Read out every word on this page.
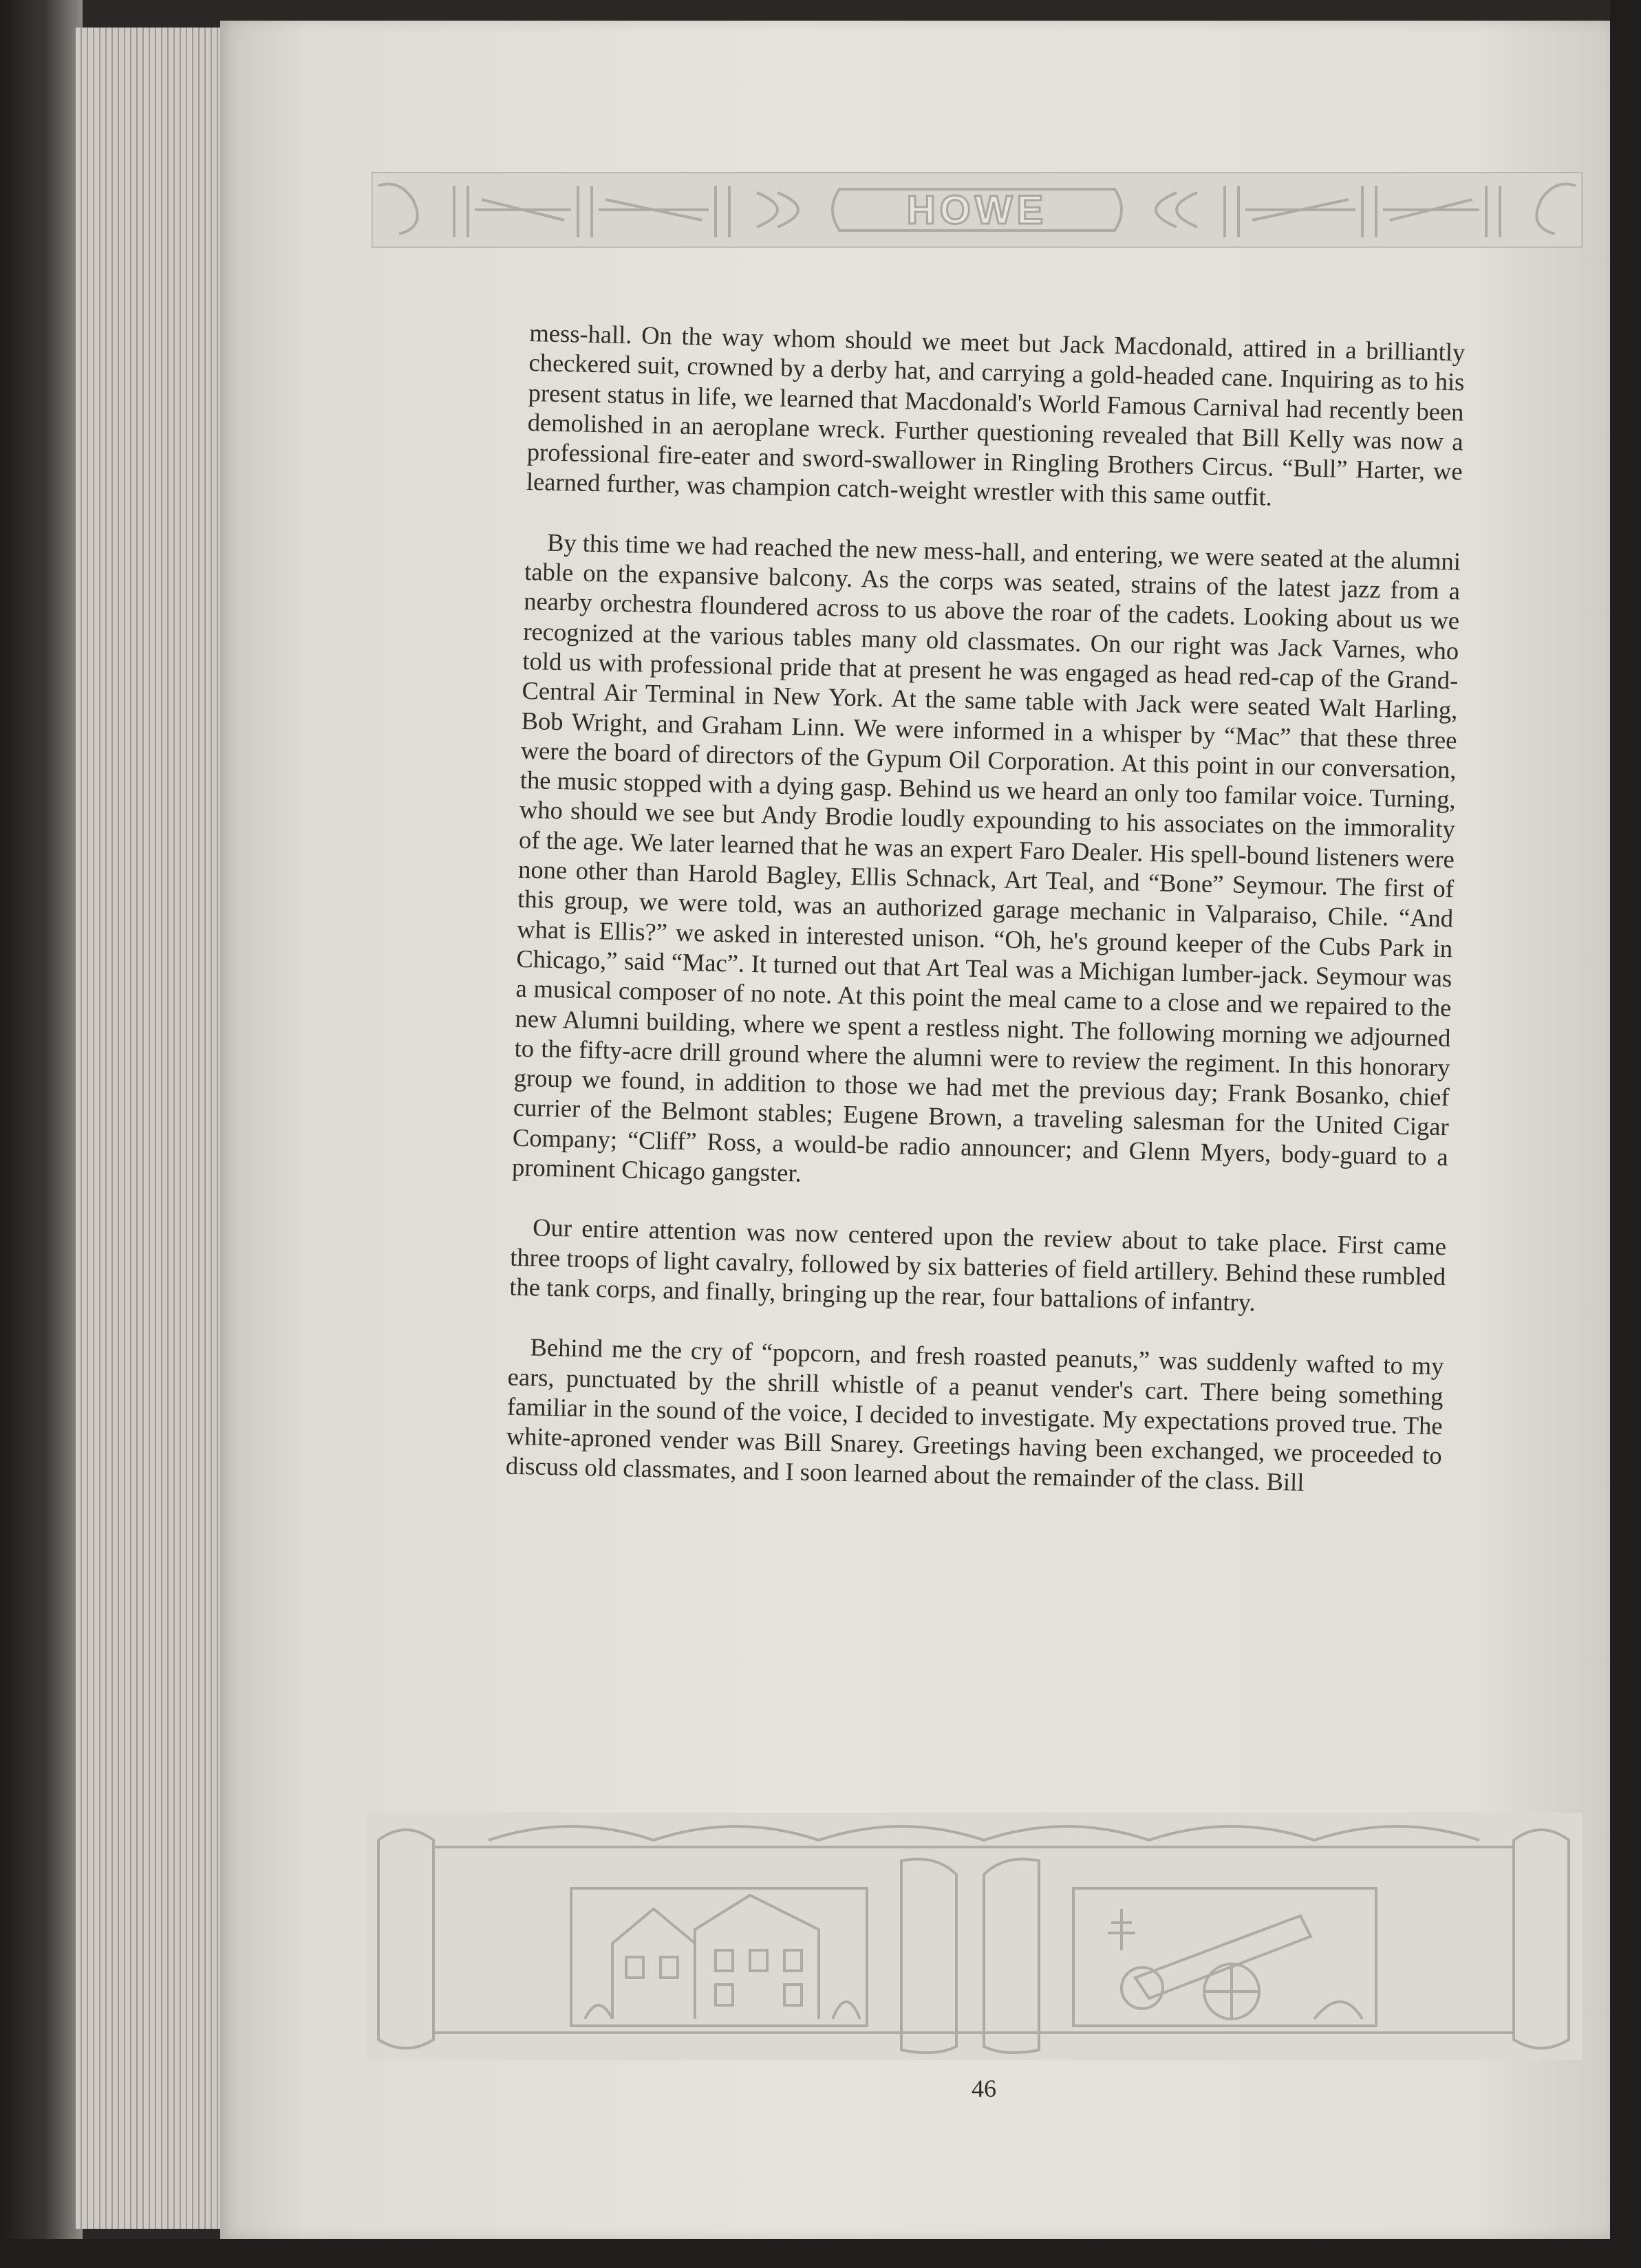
HOWE

mess-hall. On the way whom should we meet but Jack Macdonald, attired in a brilliantly checkered suit, crowned by a derby hat, and carrying a gold-headed cane. Inquiring as to his present status in life, we learned that Macdonald's World Famous Carnival had recently been demolished in an aeroplane wreck. Further questioning revealed that Bill Kelly was now a professional fire-eater and sword-swallower in Ringling Brothers Circus. “Bull” Harter, we learned further, was champion catch-weight wrestler with this same outfit.

By this time we had reached the new mess-hall, and entering, we were seated at the alumni table on the expansive balcony. As the corps was seated, strains of the latest jazz from a nearby orchestra floundered across to us above the roar of the cadets. Looking about us we recognized at the various tables many old classmates. On our right was Jack Varnes, who told us with professional pride that at present he was engaged as head red-cap of the Grand-Central Air Terminal in New York. At the same table with Jack were seated Walt Harling, Bob Wright, and Graham Linn. We were informed in a whisper by “Mac” that these three were the board of directors of the Gypum Oil Corporation. At this point in our conversation, the music stopped with a dying gasp. Behind us we heard an only too familar voice. Turning, who should we see but Andy Brodie loudly expounding to his associates on the immorality of the age. We later learned that he was an expert Faro Dealer. His spell-bound listeners were none other than Harold Bagley, Ellis Schnack, Art Teal, and “Bone” Seymour. The first of this group, we were told, was an authorized garage mechanic in Valparaiso, Chile. “And what is Ellis?” we asked in interested unison. “Oh, he's ground keeper of the Cubs Park in Chicago,” said “Mac”. It turned out that Art Teal was a Michigan lumber-jack. Seymour was a musical composer of no note. At this point the meal came to a close and we repaired to the new Alumni building, where we spent a restless night. The following morning we adjourned to the fifty-acre drill ground where the alumni were to review the regiment. In this honorary group we found, in addition to those we had met the previous day; Frank Bosanko, chief currier of the Belmont stables; Eugene Brown, a traveling salesman for the United Cigar Company; “Cliff” Ross, a would-be radio announcer; and Glenn Myers, body-guard to a prominent Chicago gangster.

Our entire attention was now centered upon the review about to take place. First came three troops of light cavalry, followed by six batteries of field artillery. Behind these rumbled the tank corps, and finally, bringing up the rear, four battalions of infantry.

Behind me the cry of “popcorn, and fresh roasted peanuts,” was suddenly wafted to my ears, punctuated by the shrill whistle of a peanut vender's cart. There being something familiar in the sound of the voice, I decided to investigate. My expectations proved true. The white-aproned vender was Bill Snarey. Greetings having been exchanged, we proceeded to discuss old classmates, and I soon learned about the remainder of the class. Bill

46
